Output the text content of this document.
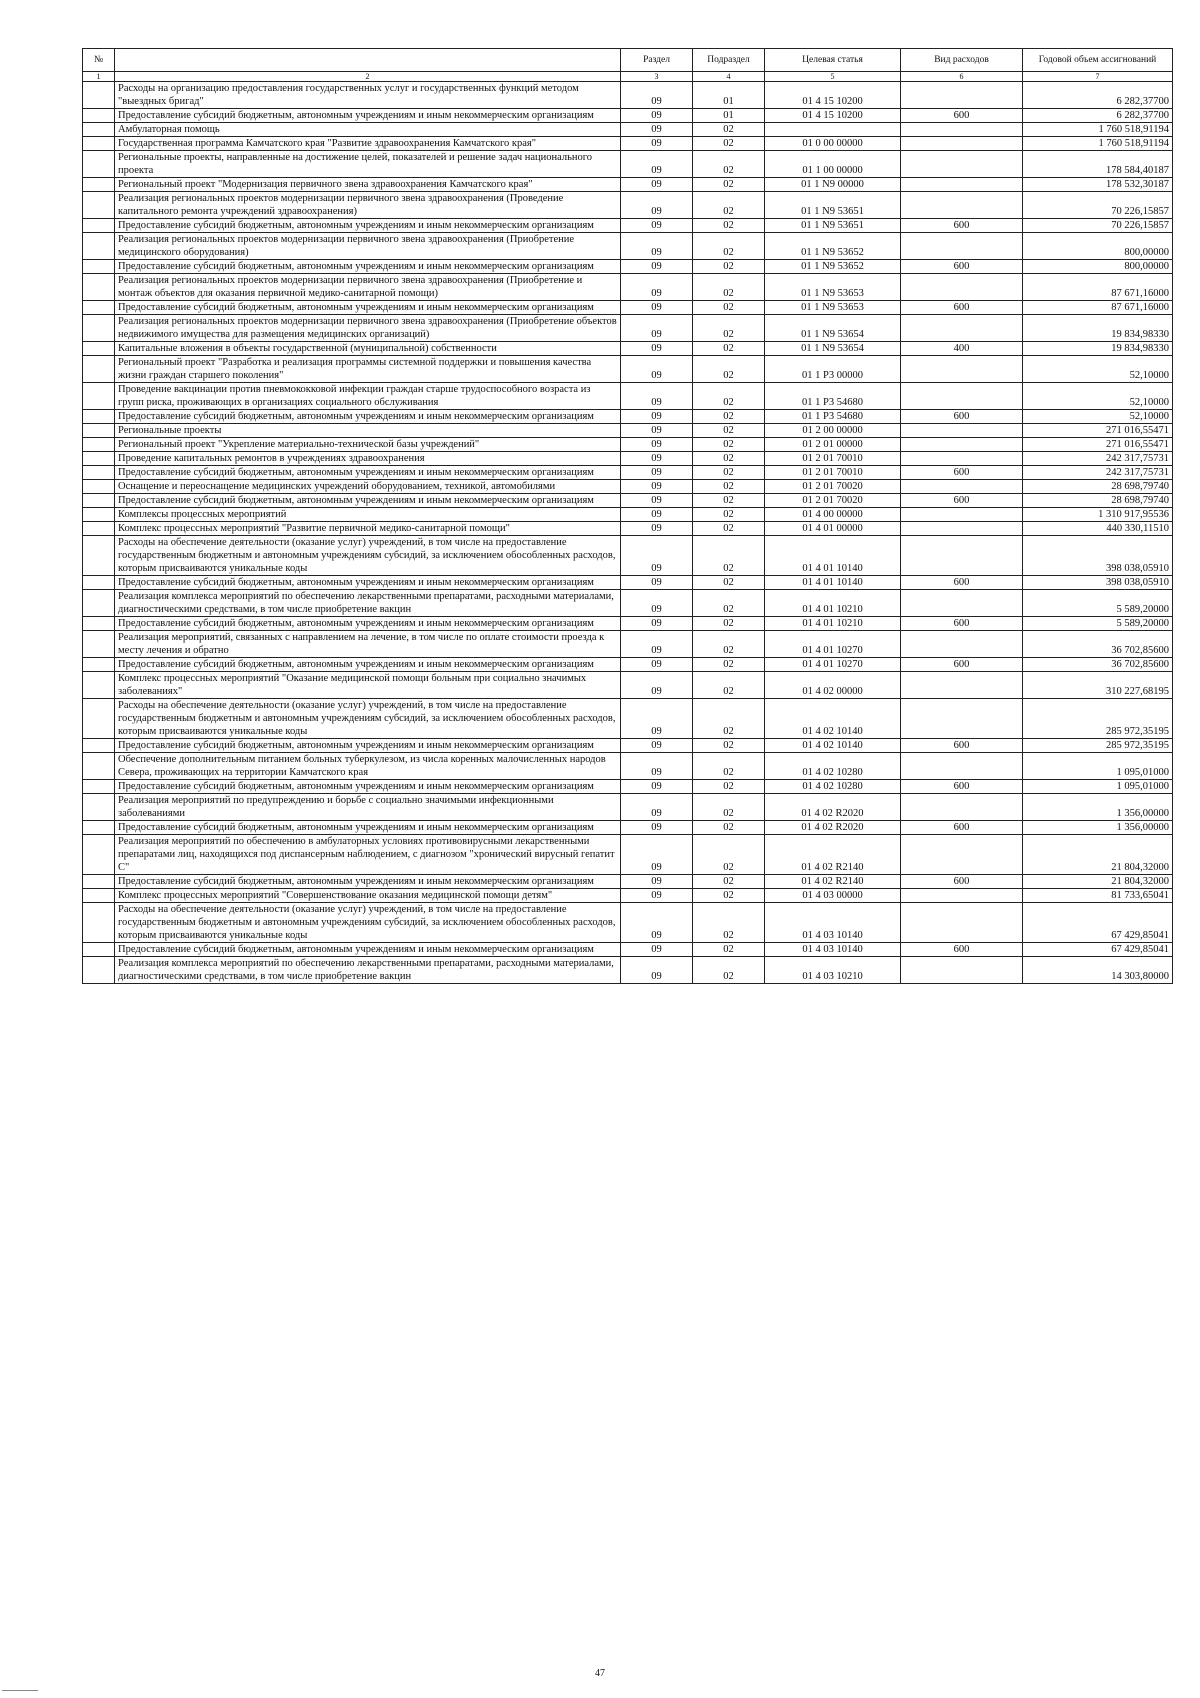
№		Раздел	Подраздел	Целевая статья	Вид расходов	Годовой объем ассигнований
1	2	3	4	5	6	7
	Расходы на организацию предоставления государственных услуг и государственных функций методом "выездных бригад"	09	01	01 4 15 10200		6 282,37700
	Предоставление субсидий бюджетным, автономным учреждениям и иным некоммерческим организациям	09	01	01 4 15 10200	600	6 282,37700
	Амбулаторная помощь	09	02			1 760 518,91194
	Государственная программа Камчатского края "Развитие здравоохранения Камчатского края"	09	02	01 0 00 00000		1 760 518,91194
	Региональные проекты, направленные на достижение целей, показателей и решение задач национального проекта	09	02	01 1 00 00000		178 584,40187
	Региональный проект "Модернизация первичного звена здравоохранения Камчатского края"	09	02	01 1 N9 00000		178 532,30187
	Реализация региональных проектов модернизации первичного звена здравоохранения (Проведение капитального ремонта учреждений здравоохранения)	09	02	01 1 N9 53651		70 226,15857
	Предоставление субсидий бюджетным, автономным учреждениям и иным некоммерческим организациям	09	02	01 1 N9 53651	600	70 226,15857
	Реализация региональных проектов модернизации первичного звена здравоохранения (Приобретение медицинского оборудования)	09	02	01 1 N9 53652		800,00000
	Предоставление субсидий бюджетным, автономным учреждениям и иным некоммерческим организациям	09	02	01 1 N9 53652	600	800,00000
	Реализация региональных проектов модернизации первичного звена здравоохранения (Приобретение и монтаж объектов для оказания первичной медико-санитарной помощи)	09	02	01 1 N9 53653		87 671,16000
	Предоставление субсидий бюджетным, автономным учреждениям и иным некоммерческим организациям	09	02	01 1 N9 53653	600	87 671,16000
	Реализация региональных проектов модернизации первичного звена здравоохранения (Приобретение объектов недвижимого имущества для размещения медицинских организаций)	09	02	01 1 N9 53654		19 834,98330
	Капитальные вложения в объекты государственной (муниципальной) собственности	09	02	01 1 N9 53654	400	19 834,98330
	Региональный проект "Разработка и реализация программы системной поддержки и повышения качества жизни граждан старшего поколения"	09	02	01 1 P3 00000		52,10000
	Проведение вакцинации против пневмококковой инфекции граждан старше трудоспособного возраста из групп риска, проживающих в организациях социального обслуживания	09	02	01 1 P3 54680		52,10000
	Предоставление субсидий бюджетным, автономным учреждениям и иным некоммерческим организациям	09	02	01 1 P3 54680	600	52,10000
	Региональные проекты	09	02	01 2 00 00000		271 016,55471
	Региональный проект "Укрепление материально-технической базы учреждений"	09	02	01 2 01 00000		271 016,55471
	Проведение капитальных ремонтов в учреждениях здравоохранения	09	02	01 2 01 70010		242 317,75731
	Предоставление субсидий бюджетным, автономным учреждениям и иным некоммерческим организациям	09	02	01 2 01 70010	600	242 317,75731
	Оснащение и переоснащение медицинских учреждений оборудованием, техникой, автомобилями	09	02	01 2 01 70020		28 698,79740
	Предоставление субсидий бюджетным, автономным учреждениям и иным некоммерческим организациям	09	02	01 2 01 70020	600	28 698,79740
	Комплексы процессных мероприятий	09	02	01 4 00 00000		1 310 917,95536
	Комплекс процессных мероприятий "Развитие первичной медико-санитарной помощи"	09	02	01 4 01 00000		440 330,11510
	Расходы на обеспечение деятельности (оказание услуг) учреждений, в том числе на предоставление государственным бюджетным и автономным учреждениям субсидий, за исключением обособленных расходов, которым присваиваются уникальные коды	09	02	01 4 01 10140		398 038,05910
	Предоставление субсидий бюджетным, автономным учреждениям и иным некоммерческим организациям	09	02	01 4 01 10140	600	398 038,05910
	Реализация комплекса мероприятий по обеспечению лекарственными препаратами, расходными материалами, диагностическими средствами, в том числе приобретение вакцин	09	02	01 4 01 10210		5 589,20000
	Предоставление субсидий бюджетным, автономным учреждениям и иным некоммерческим организациям	09	02	01 4 01 10210	600	5 589,20000
	Реализация мероприятий, связанных с направлением на лечение, в том числе по оплате стоимости проезда к месту лечения и обратно	09	02	01 4 01 10270		36 702,85600
	Предоставление субсидий бюджетным, автономным учреждениям и иным некоммерческим организациям	09	02	01 4 01 10270	600	36 702,85600
	Комплекс процессных мероприятий "Оказание медицинской помощи больным при социально значимых заболеваниях"	09	02	01 4 02 00000		310 227,68195
	Расходы на обеспечение деятельности (оказание услуг) учреждений, в том числе на предоставление государственным бюджетным и автономным учреждениям субсидий, за исключением обособленных расходов, которым присваиваются уникальные коды	09	02	01 4 02 10140		285 972,35195
	Предоставление субсидий бюджетным, автономным учреждениям и иным некоммерческим организациям	09	02	01 4 02 10140	600	285 972,35195
	Обеспечение дополнительным питанием больных туберкулезом, из числа коренных малочисленных народов Севера, проживающих на территории Камчатского края	09	02	01 4 02 10280		1 095,01000
	Предоставление субсидий бюджетным, автономным учреждениям и иным некоммерческим организациям	09	02	01 4 02 10280	600	1 095,01000
	Реализация мероприятий по предупреждению и борьбе с социально значимыми инфекционными заболеваниями	09	02	01 4 02 R2020		1 356,00000
	Предоставление субсидий бюджетным, автономным учреждениям и иным некоммерческим организациям	09	02	01 4 02 R2020	600	1 356,00000
	Реализация мероприятий по обеспечению в амбулаторных условиях противовирусными лекарственными препаратами лиц, находящихся под диспансерным наблюдением, с диагнозом "хронический вирусный гепатит C"	09	02	01 4 02 R2140		21 804,32000
	Предоставление субсидий бюджетным, автономным учреждениям и иным некоммерческим организациям	09	02	01 4 02 R2140	600	21 804,32000
	Комплекс процессных мероприятий "Совершенствование оказания медицинской помощи детям"	09	02	01 4 03 00000		81 733,65041
	Расходы на обеспечение деятельности (оказание услуг) учреждений, в том числе на предоставление государственным бюджетным и автономным учреждениям субсидий, за исключением обособленных расходов, которым присваиваются уникальные коды	09	02	01 4 03 10140		67 429,85041
	Предоставление субсидий бюджетным, автономным учреждениям и иным некоммерческим организациям	09	02	01 4 03 10140	600	67 429,85041
	Реализация комплекса мероприятий по обеспечению лекарственными препаратами, расходными материалами, диагностическими средствами, в том числе приобретение вакцин	09	02	01 4 03 10210		14 303,80000
47
